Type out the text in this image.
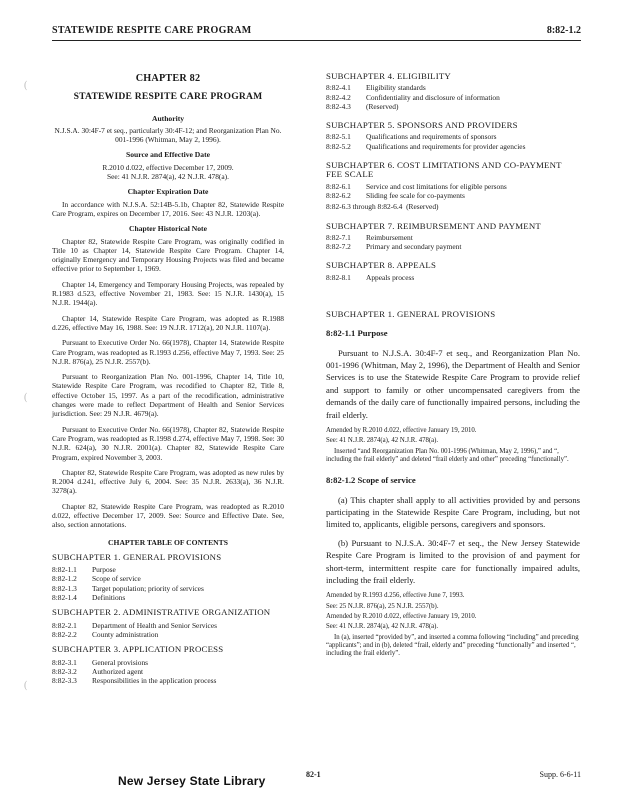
STATEWIDE RESPITE CARE PROGRAM	8:82-1.2
(
(
(
CHAPTER 82
STATEWIDE RESPITE CARE PROGRAM
Authority

N.J.S.A. 30:4F-7 et seq., particularly 30:4F-12; and Reorganization Plan No. 001-1996 (Whitman, May 2, 1996).

Source and Effective Date
R.2010 d.022, effective December 17, 2009.
See: 41 N.J.R. 2874(a), 42 N.J.R. 478(a).
Chapter Expiration Date

In accordance with N.J.S.A. 52:14B-5.1b, Chapter 82, Statewide Respite Care Program, expires on December 17, 2016. See: 43 N.J.R. 1203(a).

Chapter Historical Note

Chapter 82, Statewide Respite Care Program, was originally codified in Title 10 as Chapter 14, Statewide Respite Care Program. Chapter 14, originally Emergency and Temporary Housing Projects was filed and became effective prior to September 1, 1969.

Chapter 14, Emergency and Temporary Housing Projects, was repealed by R.1983 d.523, effective November 21, 1983. See: 15 N.J.R. 1430(a), 15 N.J.R. 1944(a).

Chapter 14, Statewide Respite Care Program, was adopted as R.1988 d.226, effective May 16, 1988. See: 19 N.J.R. 1712(a), 20 N.J.R. 1107(a).

Pursuant to Executive Order No. 66(1978), Chapter 14, Statewide Respite Care Program, was readopted as R.1993 d.256, effective May 7, 1993. See: 25 N.J.R. 876(a), 25 N.J.R. 2557(b).

Pursuant to Reorganization Plan No. 001-1996, Chapter 14, Title 10, Statewide Respite Care Program, was recodified to Chapter 82, Title 8, effective October 15, 1997. As a part of the recodification, administrative changes were made to reflect Department of Health and Senior Services jurisdiction. See: 29 N.J.R. 4679(a).

Pursuant to Executive Order No. 66(1978), Chapter 82, Statewide Respite Care Program, was readopted as R.1998 d.274, effective May 7, 1998. See: 30 N.J.R. 624(a), 30 N.J.R. 2001(a). Chapter 82, Statewide Respite Care Program, expired November 3, 2003.

Chapter 82, Statewide Respite Care Program, was adopted as new rules by R.2004 d.241, effective July 6, 2004. See: 35 N.J.R. 2633(a), 36 N.J.R. 3278(a).

Chapter 82, Statewide Respite Care Program, was readopted as R.2010 d.022, effective December 17, 2009. See: Source and Effective Date. See, also, section annotations.

CHAPTER TABLE OF CONTENTS
SUBCHAPTER 1. GENERAL PROVISIONS
8:82-1.1	Purpose
8:82-1.2	Scope of service
8:82-1.3	Target population; priority of services
8:82-1.4	Definitions
SUBCHAPTER 2. ADMINISTRATIVE ORGANIZATION
8:82-2.1	Department of Health and Senior Services
8:82-2.2	County administration
SUBCHAPTER 3. APPLICATION PROCESS
8:82-3.1	General provisions
8:82-3.2	Authorized agent
8:82-3.3	Responsibilities in the application process
SUBCHAPTER 4. ELIGIBILITY
8:82-4.1	Eligibility standards
8:82-4.2	Confidentiality and disclosure of information
8:82-4.3	(Reserved)
SUBCHAPTER 5. SPONSORS AND PROVIDERS
8:82-5.1	Qualifications and requirements of sponsors
8:82-5.2	Qualifications and requirements for provider agencies
SUBCHAPTER 6. COST LIMITATIONS AND CO-PAYMENT FEE SCALE
8:82-6.1	Service and cost limitations for eligible persons
8:82-6.2	Sliding fee scale for co-payments
8:82-6.3 through 8:82-6.4 (Reserved)
SUBCHAPTER 7. REIMBURSEMENT AND PAYMENT
8:82-7.1	Reimbursement
8:82-7.2	Primary and secondary payment
SUBCHAPTER 8. APPEALS
8:82-8.1	Appeals process
SUBCHAPTER 1. GENERAL PROVISIONS
8:82-1.1 Purpose

Pursuant to N.J.S.A. 30:4F-7 et seq., and Reorganization Plan No. 001-1996 (Whitman, May 2, 1996), the Department of Health and Senior Services is to use the Statewide Respite Care Program to provide relief and support to family or other uncompensated caregivers from the demands of the daily care of functionally impaired persons, including the frail elderly.

Amended by R.2010 d.022, effective January 19, 2010.
See: 41 N.J.R. 2874(a), 42 N.J.R. 478(a).
Inserted “and Reorganization Plan No. 001-1996 (Whitman, May 2, 1996),” and “, including the frail elderly” and deleted “frail elderly and other” preceding “functionally”.
8:82-1.2 Scope of service

(a) This chapter shall apply to all activities provided by and persons participating in the Statewide Respite Care Program, including, but not limited to, applicants, eligible persons, caregivers and sponsors.

(b) Pursuant to N.J.S.A. 30:4F-7 et seq., the New Jersey Statewide Respite Care Program is limited to the provision of and payment for short-term, intermittent respite care for functionally impaired adults, including the frail elderly.

Amended by R.1993 d.256, effective June 7, 1993.
See: 25 N.J.R. 876(a), 25 N.J.R. 2557(b).
Amended by R.2010 d.022, effective January 19, 2010.
See: 41 N.J.R. 2874(a), 42 N.J.R. 478(a).
In (a), inserted “provided by”, and inserted a comma following “including” and preceding “applicants”; and in (b), deleted “frail, elderly and” preceding “functionally” and inserted “, including the frail elderly”.
New Jersey State Library	82-1	Supp. 6-6-11
